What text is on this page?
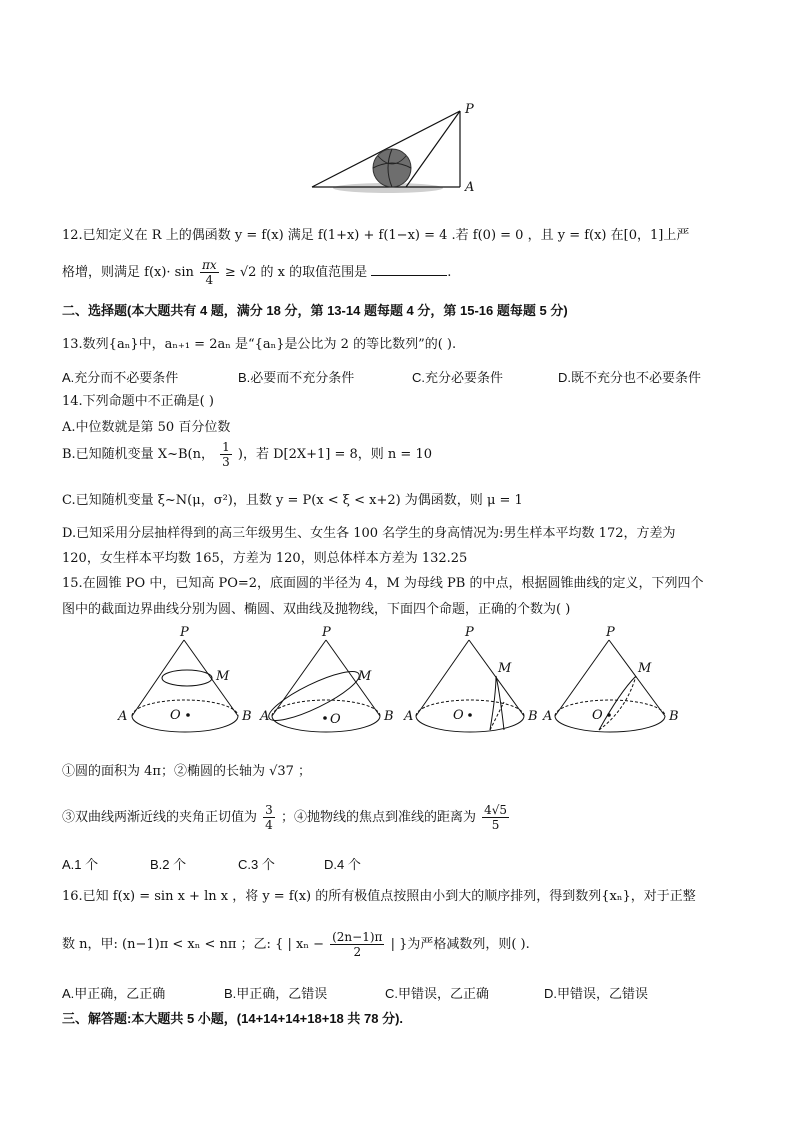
P
A
12.已知定义在 R 上的偶函数 y = f(x) 满足 f(1+x) + f(1−x) = 4 .若 f(0) = 0 ，且 y = f(x) 在[0，1]上严
格增，则满足 $f(x)\cdot \sin \frac{\pi x}{4} \ge √2$ 的 x 的取值范围是	.
二、选择题(本大题共有 4 题，满分 18 分，第 13-14 题每题 4 分，第 15-16 题每题 5 分)
13.数列{aₙ}中，aₙ₊₁ = 2aₙ 是“{aₙ}是公比为 2 的等比数列”的( ).
A.充分而不必要条件	B.必要而不充分条件	C.充分必要条件	D.既不充分也不必要条件
14.下列命题中不正确是( )
A.中位数就是第 50 百分位数
B.已知随机变量 X~B(n， $\frac{1}{3}$ )，若 D[2X+1] = 8，则 n = 10
C.已知随机变量 ξ~N(μ，σ²)，且数 y = P(x < ξ < x+2) 为偶函数，则 μ = 1
D.已知采用分层抽样得到的高三年级男生、女生各 100 名学生的身高情况为:男生样本平均数 172，方差为
120，女生样本平均数 165，方差为 120，则总体样本方差为 132.25
15.在圆锥 PO 中，已知高 PO=2，底面圆的半径为 4，M 为母线 PB 的中点，根据圆锥曲线的定义，下列四个
图中的截面边界曲线分别为圆、椭圆、双曲线及抛物线，下面四个命题，正确的个数为( )
P
M
A	B
O
P
M
A	B
O
P
M
A	B
O
P
M
A	B
O
①圆的面积为 4π；②椭圆的长轴为 √37 ；
③双曲线两渐近线的夹角正切值为 $\frac{3}{4}$ ；④抛物线的焦点到准线的距离为 $\frac{4√5}{5}$
A.1 个	B.2 个	C.3 个	D.4 个
16.已知 f(x) = sin x + ln x ，将 y = f(x) 的所有极值点按照由小到大的顺序排列，得到数列{xₙ}，对于正整
数 n，甲: (n−1)π < xₙ < nπ ；乙: { | $x_n - \frac{(2n-1)\pi}{2}$ | }为严格减数列，则( ).
A.甲正确，乙正确	B.甲正确，乙错误	C.甲错误，乙正确	D.甲错误，乙错误
三、解答题:本大题共 5 小题，(14+14+14+18+18 共 78 分).
